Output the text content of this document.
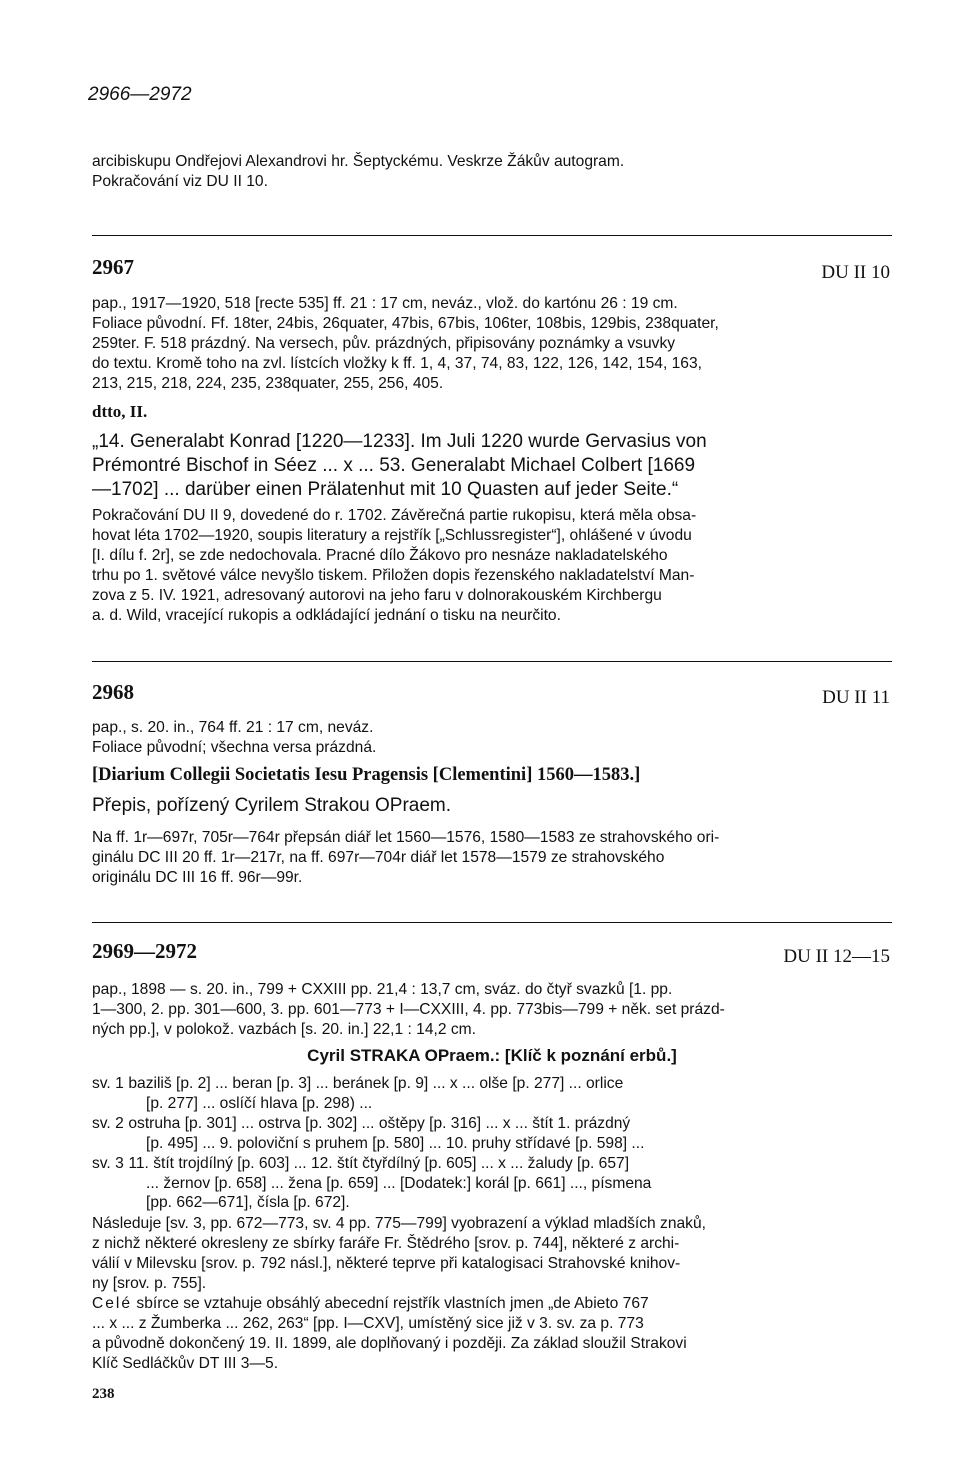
2966—2972

arcibiskupu Ondřejovi Alexandrovi hr. Šeptyckému. Veskrze Žákův autogram.

Pokračování viz DU II 10.

2967	DU II 10

pap., 1917—1920, 518 [recte 535] ff. 21 : 17 cm, neváz., vlož. do kartónu 26 : 19 cm.

Foliace původní. Ff. 18ter, 24bis, 26quater, 47bis, 67bis, 106ter, 108bis, 129bis, 238quater,

259ter. F. 518 prázdný. Na versech, pův. prázdných, připisovány poznámky a vsuvky

do textu. Kromě toho na zvl. lístcích vložky k ff. 1, 4, 37, 74, 83, 122, 126, 142, 154, 163,

213, 215, 218, 224, 235, 238quater, 255, 256, 405.

dtto, II.

„14. Generalabt Konrad [1220—1233]. Im Juli 1220 wurde Gervasius von

Prémontré Bischof in Séez ... x ... 53. Generalabt Michael Colbert [1669

—1702] ... darüber einen Prälatenhut mit 10 Quasten auf jeder Seite.“

Pokračování DU II 9, dovedené do r. 1702. Závěrečná partie rukopisu, která měla obsa-

hovat léta 1702—1920, soupis literatury a rejstřík [„Schlussregister“], ohlášené v úvodu

[I. dílu f. 2r], se zde nedochovala. Pracné dílo Žákovo pro nesnáze nakladatelského

trhu po 1. světové válce nevyšlo tiskem. Přiložen dopis řezenského nakladatelství Man-

zova z 5. IV. 1921, adresovaný autorovi na jeho faru v dolnorakouském Kirchbergu

a. d. Wild, vracející rukopis a odkládající jednání o tisku na neurčito.

2968	DU II 11

pap., s. 20. in., 764 ff. 21 : 17 cm, neváz.

Foliace původní; všechna versa prázdná.

[Diarium Collegii Societatis Iesu Pragensis [Clementini] 1560—1583.]

Přepis, pořízený Cyrilem Strakou OPraem.

Na ff. 1r—697r, 705r—764r přepsán diář let 1560—1576, 1580—1583 ze strahovského ori-

ginálu DC III 20 ff. 1r—217r, na ff. 697r—704r diář let 1578—1579 ze strahovského

originálu DC III 16 ff. 96r—99r.

2969—2972	DU II 12—15

pap., 1898 — s. 20. in., 799 + CXXIII pp. 21,4 : 13,7 cm, sváz. do čtyř svazků [1. pp.

1—300, 2. pp. 301—600, 3. pp. 601—773 + I—CXXIII, 4. pp. 773bis—799 + něk. set prázd-

ných pp.], v polokož. vazbách [s. 20. in.] 22,1 : 14,2 cm.

Cyril STRAKA OPraem.: [Klíč k poznání erbů.]
sv. 1 baziliš [p. 2] ... beran [p. 3] ... beránek [p. 9] ... x ... olše [p. 277] ... orlice
[p. 277] ... oslíčí hlava [p. 298) ...
sv. 2 ostruha [p. 301] ... ostrva [p. 302] ... oštěpy [p. 316] ... x ... štít 1. prázdný
[p. 495] ... 9. poloviční s pruhem [p. 580] ... 10. pruhy střídavé [p. 598] ...
sv. 3 11. štít trojdílný [p. 603] ... 12. štít čtyřdílný [p. 605] ... x ... žaludy [p. 657]
... žernov [p. 658] ... žena [p. 659] ... [Dodatek:] korál [p. 661] ..., písmena
[pp. 662—671], čísla [p. 672].

Následuje [sv. 3, pp. 672—773, sv. 4 pp. 775—799] vyobrazení a výklad mladších znaků,

z nichž některé okresleny ze sbírky faráře Fr. Štědrého [srov. p. 744], některé z archi-

válií v Milevsku [srov. p. 792 násl.], některé teprve při katalogisaci Strahovské knihov-

ny [srov. p. 755].

Celé sbírce se vztahuje obsáhlý abecední rejstřík vlastních jmen „de Abieto 767

... x ... z Žumberka ... 262, 263“ [pp. I—CXV], umístěný sice již v 3. sv. za p. 773

a původně dokončený 19. II. 1899, ale doplňovaný i později. Za základ sloužil Strakovi

Klíč Sedláčkův DT III 3—5.

238
